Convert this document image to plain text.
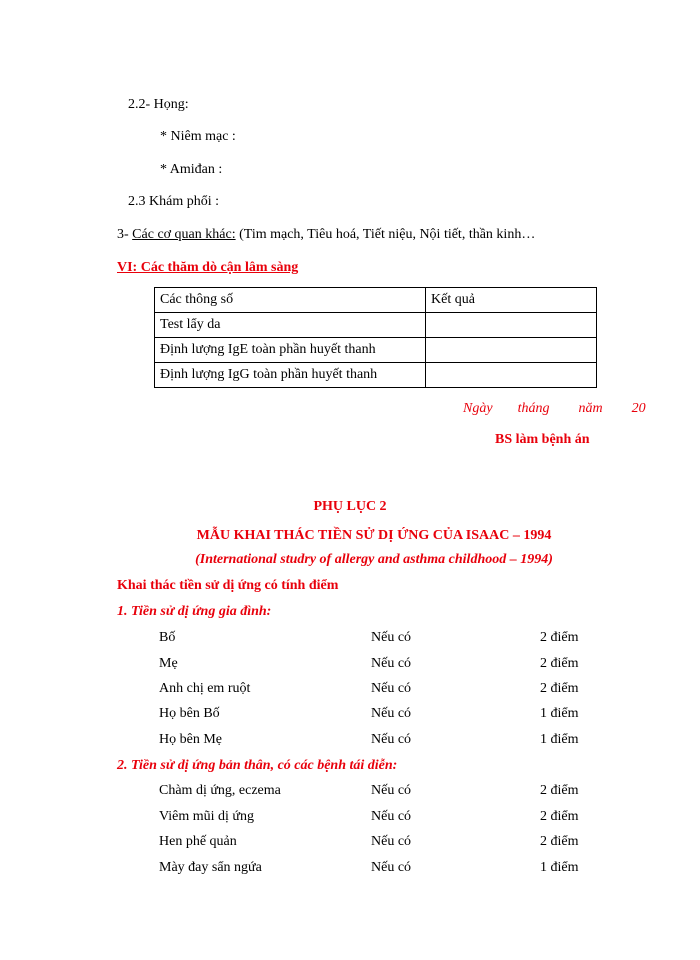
2.2- Họng:
* Niêm mạc :
* Amiđan :
2.3 Khám phổi :
3- Các cơ quan khác: (Tim mạch, Tiêu hoá, Tiết niệu, Nội tiết, thần kinh…
VI: Các thăm dò cận lâm sàng
Các thông số	Kết quả
Test lẩy da	
Định lượng IgE toàn phần huyết thanh	
Định lượng IgG toàn phần huyết thanh	
Ngày tháng năm 20
BS làm bệnh án
PHỤ LỤC 2
MẪU KHAI THÁC TIỀN SỬ DỊ ỨNG CỦA ISAAC – 1994
(International studry of allergy and asthma childhood – 1994)
Khai thác tiền sử dị ứng có tính điểm
1. Tiền sử dị ứng gia đình:
Bố	Nếu có	2 điểm
Mẹ	Nếu có	2 điểm
Anh chị em ruột	Nếu có	2 điểm
Họ bên Bố	Nếu có	1 điểm
Họ bên Mẹ	Nếu có	1 điểm
2. Tiền sử dị ứng bản thân, có các bệnh tái diễn:
Chàm dị ứng, eczema	Nếu có	2 điểm
Viêm mũi dị ứng	Nếu có	2 điểm
Hen phế quản	Nếu có	2 điểm
Mày đay sẩn ngứa	Nếu có	1 điểm
